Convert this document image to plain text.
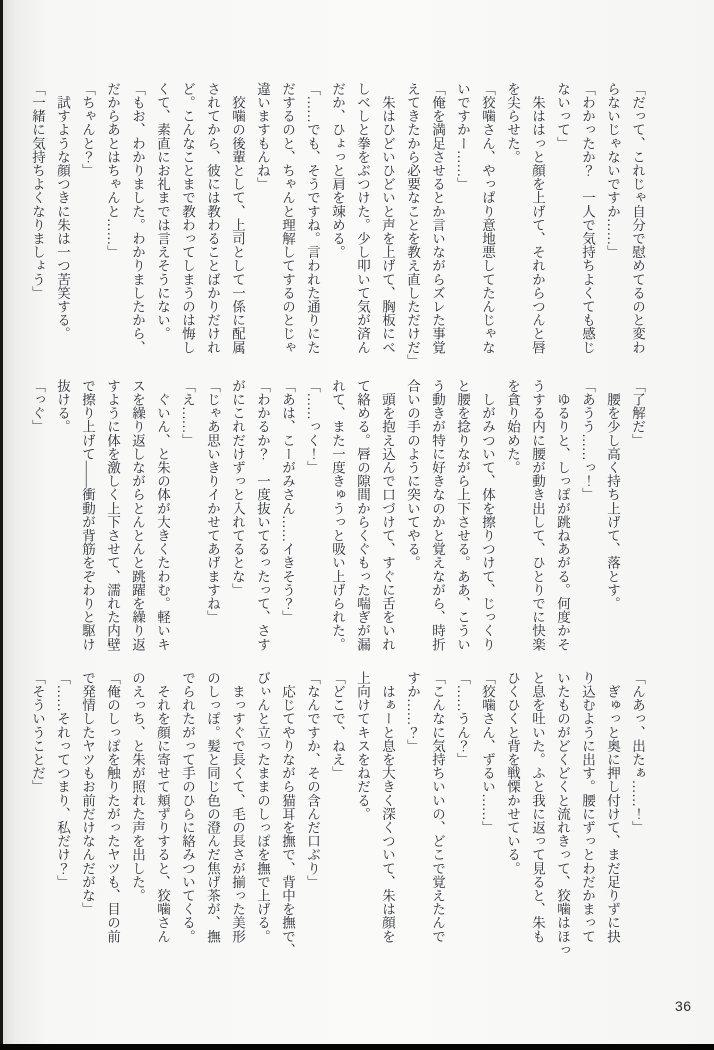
「だって、これじゃ自分で慰めてるのと変わ

らないじゃないですか……」

「わかったか？　一人で気持ちよくても感じ

ないって」

　朱ははっと顔を上げて、それからつんと唇

を尖らせた。

「狡噛さん、やっぱり意地悪してたんじゃな

いですかー……」

「俺を満足させるとか言いながらズレた事覚

えてきたから必要なことを教え直しただけだ」

　朱はひどいひどいと声を上げて、胸板にべ

しべしと拳をぶつけた。少し叩いて気が済ん

だか、ひょっと肩を竦める。

「……でも、そうですね。言われた通りにた

だするのと、ちゃんと理解してするのとじゃ

違いますもんね」

　狡噛の後輩として、上司として一係に配属

されてから、彼には教わることばかりだけれ

ど。こんなことまで教わってしまうのは悔し

くて、素直にお礼までは言えそうにない。

「もお、わかりました。わかりましたから、

だからあとはちゃんと……」

「ちゃんと？」

　試すような顔つきに朱は一つ苦笑する。

「一緒に気持ちよくなりましょう」

「了解だ」

　腰を少し高く持ち上げて、落とす。

「あうう……っ！」

　ゆるりと、しっぽが跳ねあがる。何度かそ

うする内に腰が動き出して、ひとりでに快楽

を貪り始めた。

　しがみついて、体を擦りつけて、じっくり

と腰を捻りながら上下させる。ああ、こうい

う動きが特に好きなのかと覚えながら、時折

合いの手のように突いてやる。

　頭を抱え込んで口づけて、すぐに舌をいれ

て絡める。唇の隙間からくぐもった喘ぎが漏

れて、また一度きゅうっと吸い上げられた。

「……っく！」

「あは、こーがみさん……イきそう？」

「わかるか？　一度抜いてるったって、さす

がにこれだけずっと入れてるとな」

「じゃあ思いきりイかせてあげますね」

「え……」

　ぐいん、と朱の体が大きくたわむ。軽いキ

スを繰り返しながらとんとんと跳躍を繰り返

すように体を激しく上下させて、濡れた内壁

で擦り上げて——衝動が背筋をぞわりと駆け

抜ける。

「っぐ」

「んあっ、出たぁ……！」

　ぎゅっと奥に押し付けて、まだ足りずに抉

り込むように出す。腰にずっとわだかまって

いたものがどくどくと流れきって、狡噛はほっ

と息を吐いた。ふと我に返って見ると、朱も

ひくひくと背を戦慄かせている。

「狡噛さん、ずるい……」

「……うん？」

「こんなに気持ちいいの、どこで覚えたんで

すか……？」

　はぁーと息を大きく深くついて、朱は顔を

上向けてキスをねだる。

「どこで、ねえ」

「なんですか、その含んだ口ぶり」

　応じてやりながら猫耳を撫で、背中を撫で、

びぃんと立ったままのしっぽを撫で上げる。

　まっすぐで長くて、毛の長さが揃った美形

のしっぽ。髪と同じ色の澄んだ焦げ茶が、撫

でられたがって手のひらに絡みついてくる。

　それを顔に寄せて頬ずりすると、狡噛さん

のえっち、と朱が照れた声を出した。

「俺のしっぽを触りたがったヤツも、目の前

で発情したヤツもお前だけなんだがな」

「……それってつまり、私だけ？」

「そういうことだ」

36
